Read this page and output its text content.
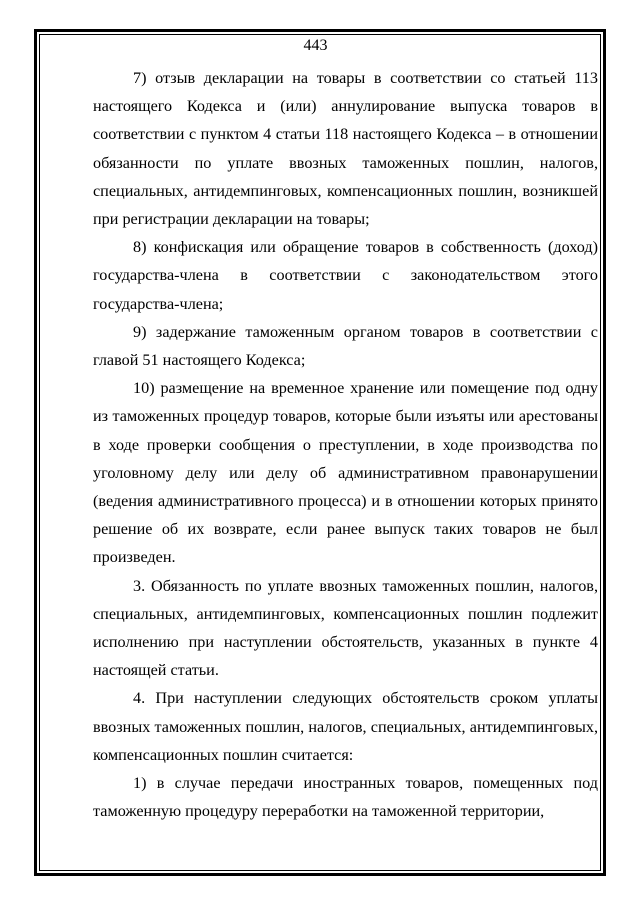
443

7) отзыв декларации на товары в соответствии со статьей 113 настоящего Кодекса и (или) аннулирование выпуска товаров в соответствии с пунктом 4 статьи 118 настоящего Кодекса – в отношении обязанности по уплате ввозных таможенных пошлин, налогов, специальных, антидемпинговых, компенсационных пошлин, возникшей при регистрации декларации на товары;

8) конфискация или обращение товаров в собственность (доход) государства-члена в соответствии с законодательством этого государства-члена;

9) задержание таможенным органом товаров в соответствии с главой 51 настоящего Кодекса;

10) размещение на временное хранение или помещение под одну из таможенных процедур товаров, которые были изъяты или арестованы в ходе проверки сообщения о преступлении, в ходе производства по уголовному делу или делу об административном правонарушении (ведения административного процесса) и в отношении которых принято решение об их возврате, если ранее выпуск таких товаров не был произведен.

3. Обязанность по уплате ввозных таможенных пошлин, налогов, специальных, антидемпинговых, компенсационных пошлин подлежит исполнению при наступлении обстоятельств, указанных в пункте 4 настоящей статьи.

4. При наступлении следующих обстоятельств сроком уплаты ввозных таможенных пошлин, налогов, специальных, антидемпинговых, компенсационных пошлин считается:

1) в случае передачи иностранных товаров, помещенных под таможенную процедуру переработки на таможенной территории,
